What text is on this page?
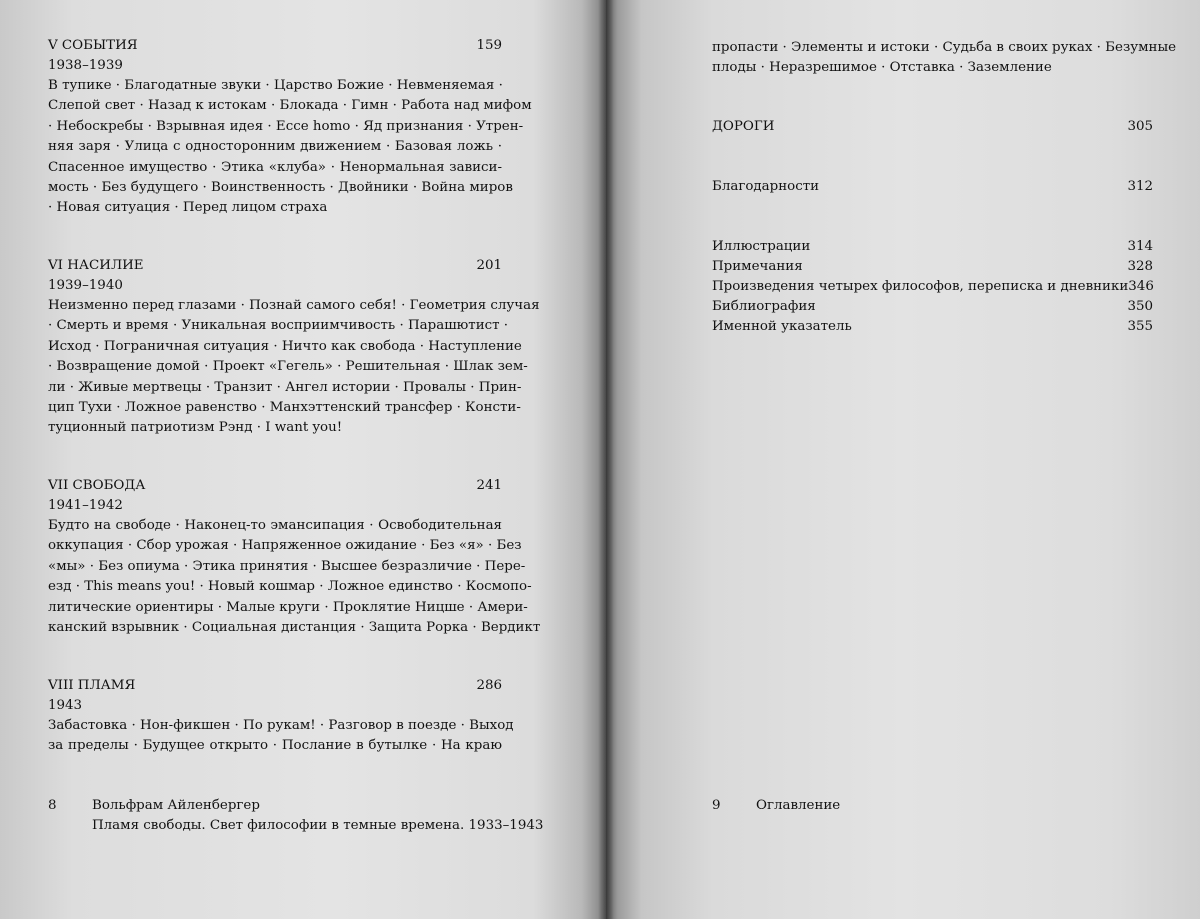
V СОБЫТИЯ	159
1938–1939
В тупике · Благодатные звуки · Царство Божие · Невменяемая ·
Слепой свет · Назад к истокам · Блокада · Гимн · Работа над мифом
· Небоскребы · Взрывная идея · Ecce homo · Яд признания · Утрен-
няя заря · Улица с односторонним движением · Базовая ложь ·
Спасенное имущество · Этика «клуба» · Ненормальная зависи-
мость · Без будущего · Воинственность · Двойники · Война миров
· Новая ситуация · Перед лицом страха
VI НАСИЛИЕ	201
1939–1940
Неизменно перед глазами · Познай самого себя! · Геометрия случая
· Смерть и время · Уникальная восприимчивость · Парашютист ·
Исход · Пограничная ситуация · Ничто как свобода · Наступление
· Возвращение домой · Проект «Гегель» · Решительная · Шлак зем-
ли · Живые мертвецы · Транзит · Ангел истории · Провалы · Прин-
цип Тухи · Ложное равенство · Манхэттенский трансфер · Консти-
туционный патриотизм Рэнд · I want you!
VII СВОБОДА	241
1941–1942
Будто на свободе · Наконец-то эмансипация · Освободительная
оккупация · Сбор урожая · Напряженное ожидание · Без «я» · Без
«мы» · Без опиума · Этика принятия · Высшее безразличие · Пере-
езд · This means you! · Новый кошмар · Ложное единство · Космопо-
литические ориентиры · Малые круги · Проклятие Ницше · Амери-
канский взрывник · Социальная дистанция · Защита Рорка · Вердикт
VIII ПЛАМЯ	286
1943
Забастовка · Нон-фикшен · По рукам! · Разговор в поезде · Выход
за пределы · Будущее открыто · Послание в бутылке · На краю
8	Вольфрам Айленбергер
Пламя свободы. Свет философии в темные времена. 1933–1943
пропасти · Элементы и истоки · Судьба в своих руках · Безумные
плоды · Неразрешимое · Отставка · Заземление
ДОРОГИ	305
Благодарности	312
Иллюстрации	314
Примечания	328
Произведения четырех философов, переписка и дневники 346
Библиография	350
Именной указатель	355
9	Оглавление
